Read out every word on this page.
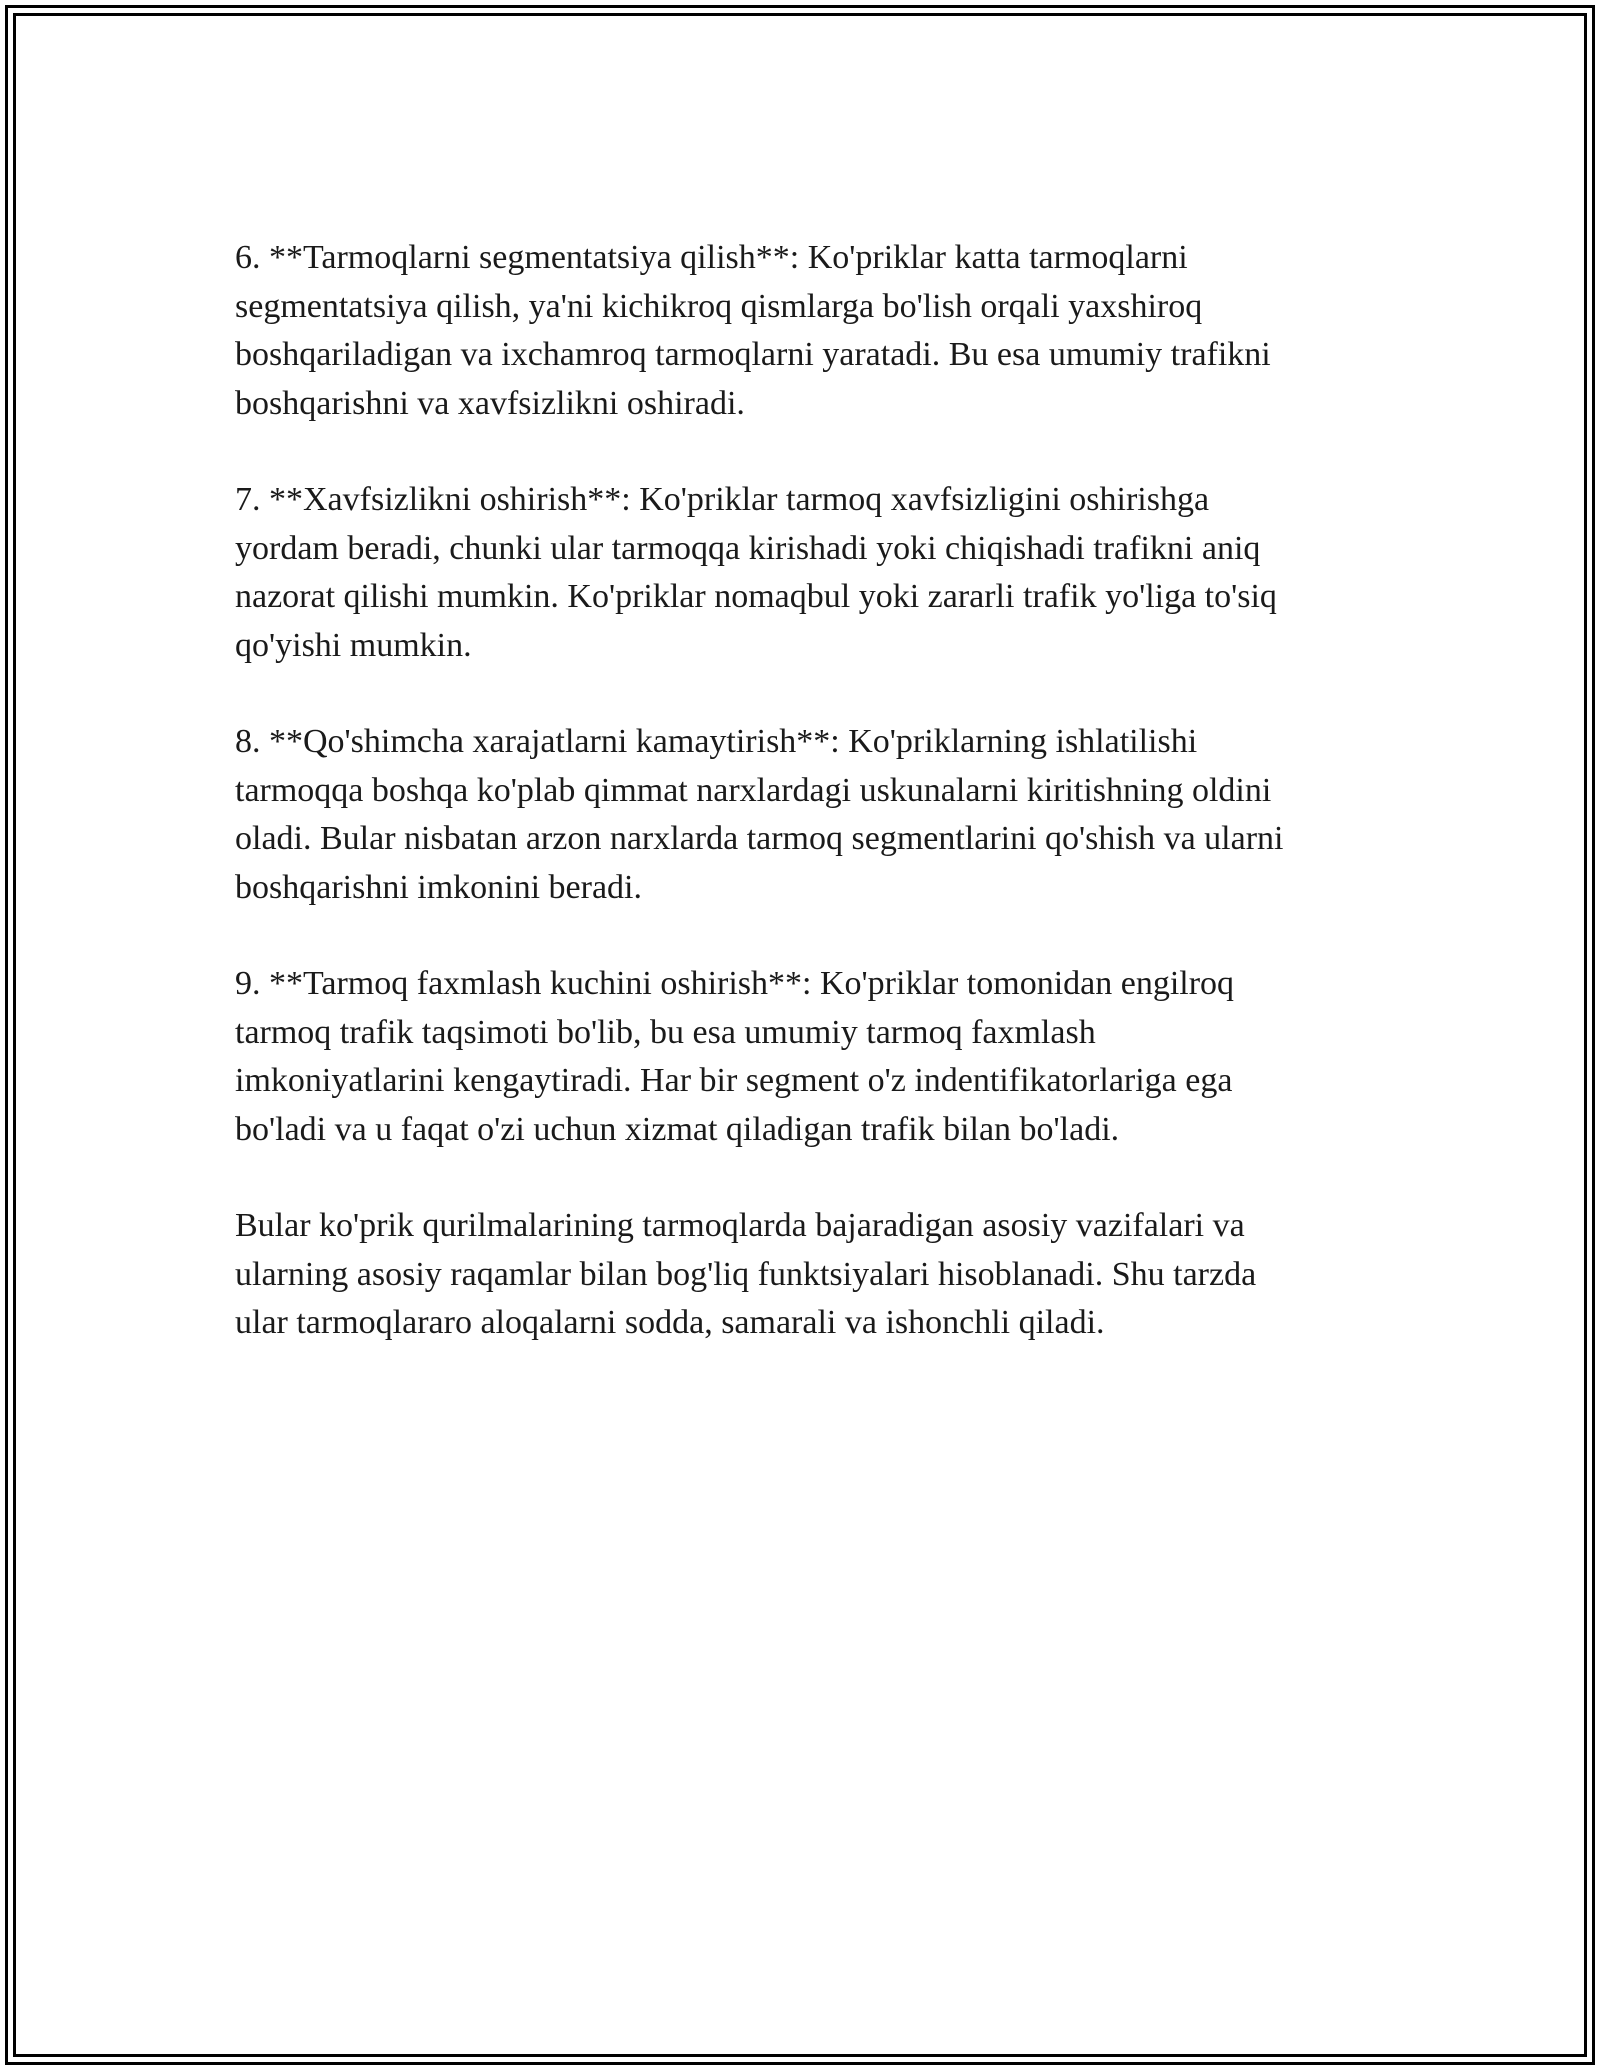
6. **Tarmoqlarni segmentatsiya qilish**: Ko'priklar katta tarmoqlarni
segmentatsiya qilish, ya'ni kichikroq qismlarga bo'lish orqali yaxshiroq
boshqariladigan va ixchamroq tarmoqlarni yaratadi. Bu esa umumiy trafikni
boshqarishni va xavfsizlikni oshiradi.

7. **Xavfsizlikni oshirish**: Ko'priklar tarmoq xavfsizligini oshirishga
yordam beradi, chunki ular tarmoqqa kirishadi yoki chiqishadi trafikni aniq
nazorat qilishi mumkin. Ko'priklar nomaqbul yoki zararli trafik yo'liga to'siq
qo'yishi mumkin.

8. **Qo'shimcha xarajatlarni kamaytirish**: Ko'priklarning ishlatilishi
tarmoqqa boshqa ko'plab qimmat narxlardagi uskunalarni kiritishning oldini
oladi. Bular nisbatan arzon narxlarda tarmoq segmentlarini qo'shish va ularni
boshqarishni imkonini beradi.

9. **Tarmoq faxmlash kuchini oshirish**: Ko'priklar tomonidan engilroq
tarmoq trafik taqsimoti bo'lib, bu esa umumiy tarmoq faxmlash
imkoniyatlarini kengaytiradi. Har bir segment o'z indentifikatorlariga ega
bo'ladi va u faqat o'zi uchun xizmat qiladigan trafik bilan bo'ladi.

Bular ko'prik qurilmalarining tarmoqlarda bajaradigan asosiy vazifalari va
ularning asosiy raqamlar bilan bog'liq funktsiyalari hisoblanadi. Shu tarzda
ular tarmoqlararo aloqalarni sodda, samarali va ishonchli qiladi.
